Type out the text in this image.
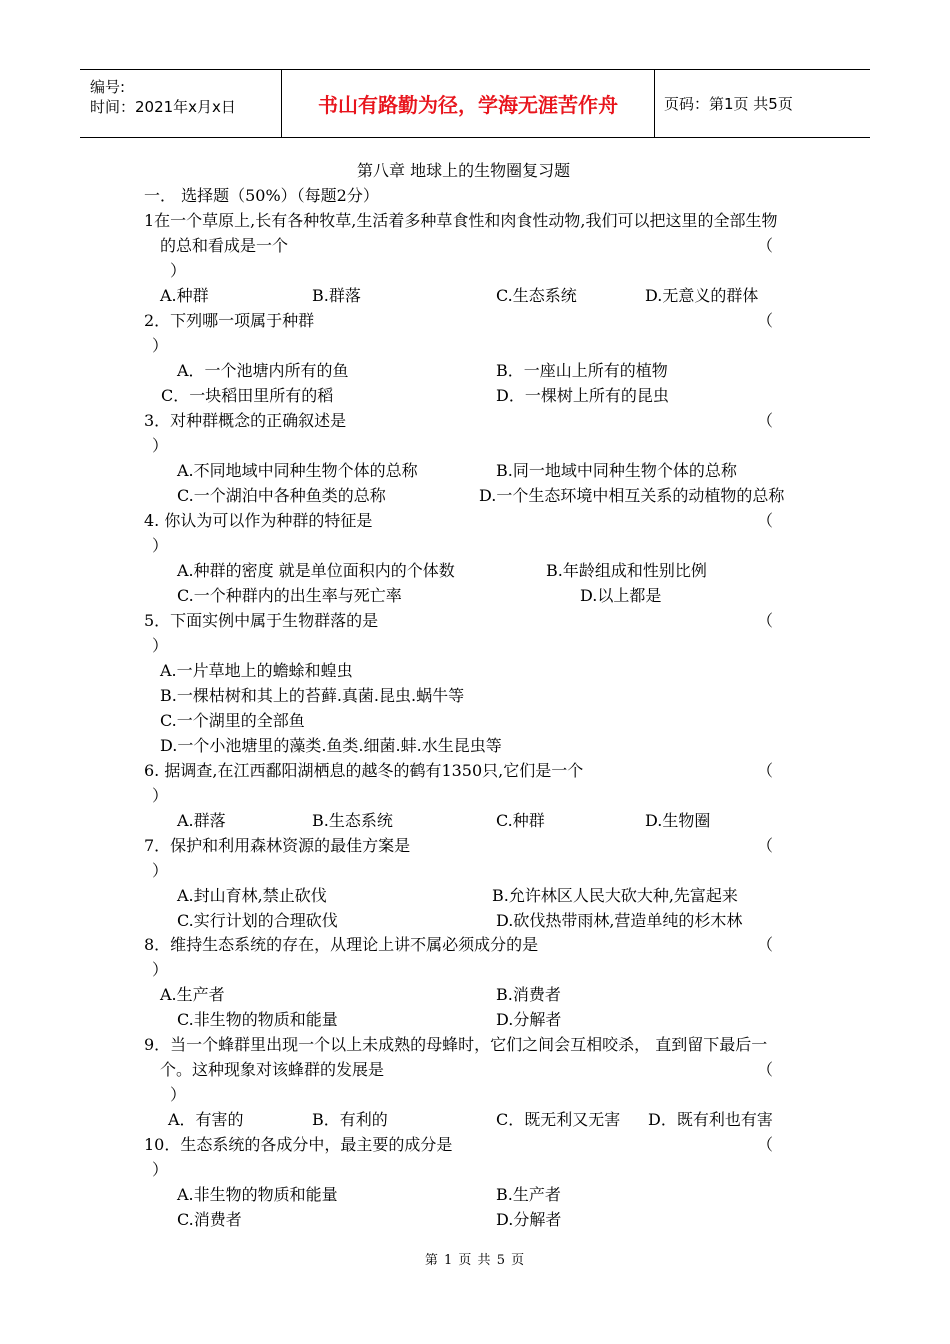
编号:
时间：2021年x月x日	书山有路勤为径，学海无涯苦作舟	页码：第1页 共5页
第八章 地球上的生物圈复习题
一． 选择题（50%）（每题2分）
1在一个草原上,长有各种牧草,生活着多种草食性和肉食性动物,我们可以把这里的全部生物
的总和看成是一个	（
）
A.种群	B.群落	C.生态系统	D.无意义的群体
2．下列哪一项属于种群	（
）
A．一个池塘内所有的鱼	B．一座山上所有的植物
C．一块稻田里所有的稻	D．一棵树上所有的昆虫
3．对种群概念的正确叙述是	（
）
A.不同地域中同种生物个体的总称	B.同一地域中同种生物个体的总称
C.一个湖泊中各种鱼类的总称	D.一个生态环境中相互关系的动植物的总称
4. 你认为可以作为种群的特征是	（
）
A.种群的密度 就是单位面积内的个体数	B.年龄组成和性别比例
C.一个种群内的出生率与死亡率	D.以上都是
5．下面实例中属于生物群落的是	（
）
A.一片草地上的蟾蜍和蝗虫
B.一棵枯树和其上的苔藓.真菌.昆虫.蜗牛等
C.一个湖里的全部鱼
D.一个小池塘里的藻类.鱼类.细菌.蚌.水生昆虫等
6. 据调查,在江西鄱阳湖栖息的越冬的鹤有1350只,它们是一个	（
）
A.群落	B.生态系统	C.种群	D.生物圈
7．保护和利用森林资源的最佳方案是	（
）
A.封山育林,禁止砍伐	B.允许林区人民大砍大种,先富起来
C.实行计划的合理砍伐	D.砍伐热带雨林,营造单纯的杉木林
8．维持生态系统的存在，从理论上讲不属必须成分的是	（
）
A.生产者	B.消费者
C.非生物的物质和能量	D.分解者
9．当一个蜂群里出现一个以上未成熟的母蜂时，它们之间会互相咬杀， 直到留下最后一
个。这种现象对该蜂群的发展是	（
）
A．有害的	B．有利的	C．既无利又无害 D．既有利也有害
10．生态系统的各成分中，最主要的成分是	（
）
A.非生物的物质和能量	B.生产者
C.消费者	D.分解者
第 1 页 共 5 页
